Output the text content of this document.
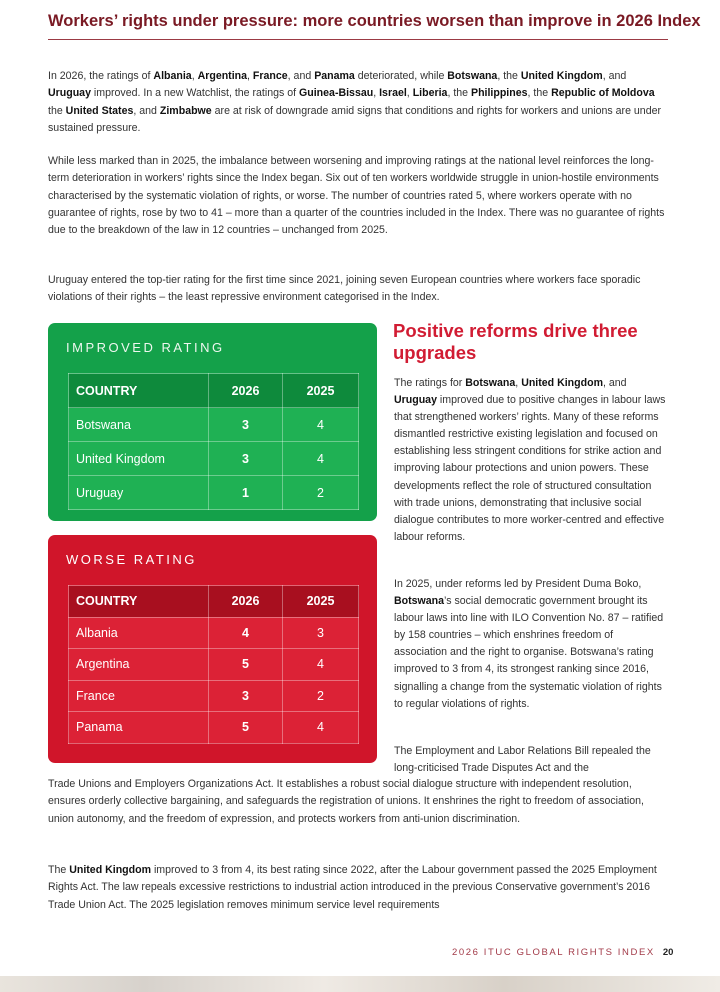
Workers’ rights under pressure: more countries worsen than improve in 2026 Index
In 2026, the ratings of Albania, Argentina, France, and Panama deteriorated, while Botswana, the United Kingdom, and Uruguay improved. In a new Watchlist, the ratings of Guinea-Bissau, Israel, Liberia, the Philippines, the Republic of Moldova the United States, and Zimbabwe are at risk of downgrade amid signs that conditions and rights for workers and unions are under sustained pressure.
While less marked than in 2025, the imbalance between worsening and improving ratings at the national level reinforces the long-term deterioration in workers’ rights since the Index began. Six out of ten workers worldwide struggle in union-hostile environments characterised by the systematic violation of rights, or worse. The number of countries rated 5, where workers operate with no guarantee of rights, rose by two to 41 – more than a quarter of the countries included in the Index. There was no guarantee of rights due to the breakdown of the law in 12 countries – unchanged from 2025.
Uruguay entered the top-tier rating for the first time since 2021, joining seven European countries where workers face sporadic violations of their rights – the least repressive environment categorised in the Index.
IMPROVED RATING
COUNTRY	2026	2025
Botswana	3	4
United Kingdom	3	4
Uruguay	1	2
WORSE RATING
COUNTRY	2026	2025
Albania	4	3
Argentina	5	4
France	3	2
Panama	5	4
Positive reforms drive three upgrades
The ratings for Botswana, United Kingdom, and Uruguay improved due to positive changes in labour laws that strengthened workers’ rights. Many of these reforms dismantled restrictive existing legislation and focused on establishing less stringent conditions for strike action and improving labour protections and union powers. These developments reflect the role of structured consultation with trade unions, demonstrating that inclusive social dialogue contributes to more worker-centred and effective labour reforms.
In 2025, under reforms led by President Duma Boko, Botswana’s social democratic government brought its labour laws into line with ILO Convention No. 87 – ratified by 158 countries – which enshrines freedom of association and the right to organise. Botswana’s rating improved to 3 from 4, its strongest ranking since 2016, signalling a change from the systematic violation of rights to regular violations of rights.
The Employment and Labor Relations Bill repealed the long-criticised Trade Disputes Act and the
Trade Unions and Employers Organizations Act. It establishes a robust social dialogue structure with independent resolution, ensures orderly collective bargaining, and safeguards the registration of unions. It enshrines the right to freedom of association, union autonomy, and the freedom of expression, and protects workers from anti-union discrimination.
The United Kingdom improved to 3 from 4, its best rating since 2022, after the Labour government passed the 2025 Employment Rights Act. The law repeals excessive restrictions to industrial action introduced in the previous Conservative government’s 2016 Trade Union Act. The 2025 legislation removes minimum service level requirements
2026 ITUC GLOBAL RIGHTS INDEX 20
